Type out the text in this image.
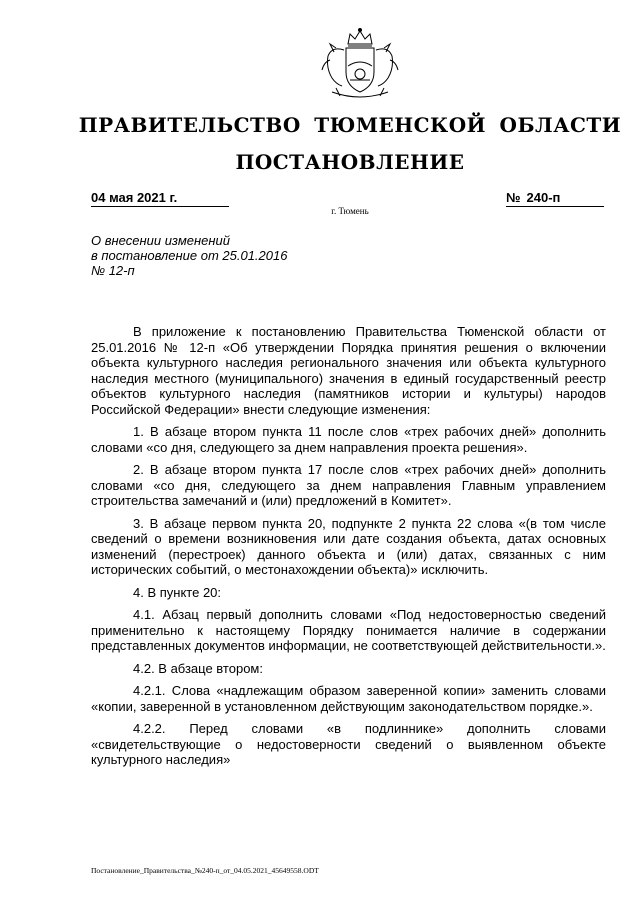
ПРАВИТЕЛЬСТВО ТЮМЕНСКОЙ ОБЛАСТИ
ПОСТАНОВЛЕНИЕ
04 мая 2021 г.	№ 240-п
г. Тюмень
О внесении изменений
в постановление от 25.01.2016
№ 12-п

В приложение к постановлению Правительства Тюменской области от 25.01.2016 № 12-п «Об утверждении Порядка принятия решения о включении объекта культурного наследия регионального значения или объекта культурного наследия местного (муниципального) значения в единый государственный реестр объектов культурного наследия (памятников истории и культуры) народов Российской Федерации» внести следующие изменения:

1. В абзаце втором пункта 11 после слов «трех рабочих дней» дополнить словами «со дня, следующего за днем направления проекта решения».

2. В абзаце втором пункта 17 после слов «трех рабочих дней» дополнить словами «со дня, следующего за днем направления Главным управлением строительства замечаний и (или) предложений в Комитет».

3. В абзаце первом пункта 20, подпункте 2 пункта 22 слова «(в том числе сведений о времени возникновения или дате создания объекта, датах основных изменений (перестроек) данного объекта и (или) датах, связанных с ним исторических событий, о местонахождении объекта)» исключить.

4. В пункте 20:

4.1. Абзац первый дополнить словами «Под недостоверностью сведений применительно к настоящему Порядку понимается наличие в содержании представленных документов информации, не соответствующей действительности.».

4.2. В абзаце втором:

4.2.1. Слова «надлежащим образом заверенной копии» заменить словами «копии, заверенной в установленном действующим законодательством порядке.».

4.2.2. Перед словами «в подлиннике» дополнить словами «свидетельствующие о недостоверности сведений о выявленном объекте культурного наследия»

Постановление_Правительства_№240-п_от_04.05.2021_45649558.ODT
